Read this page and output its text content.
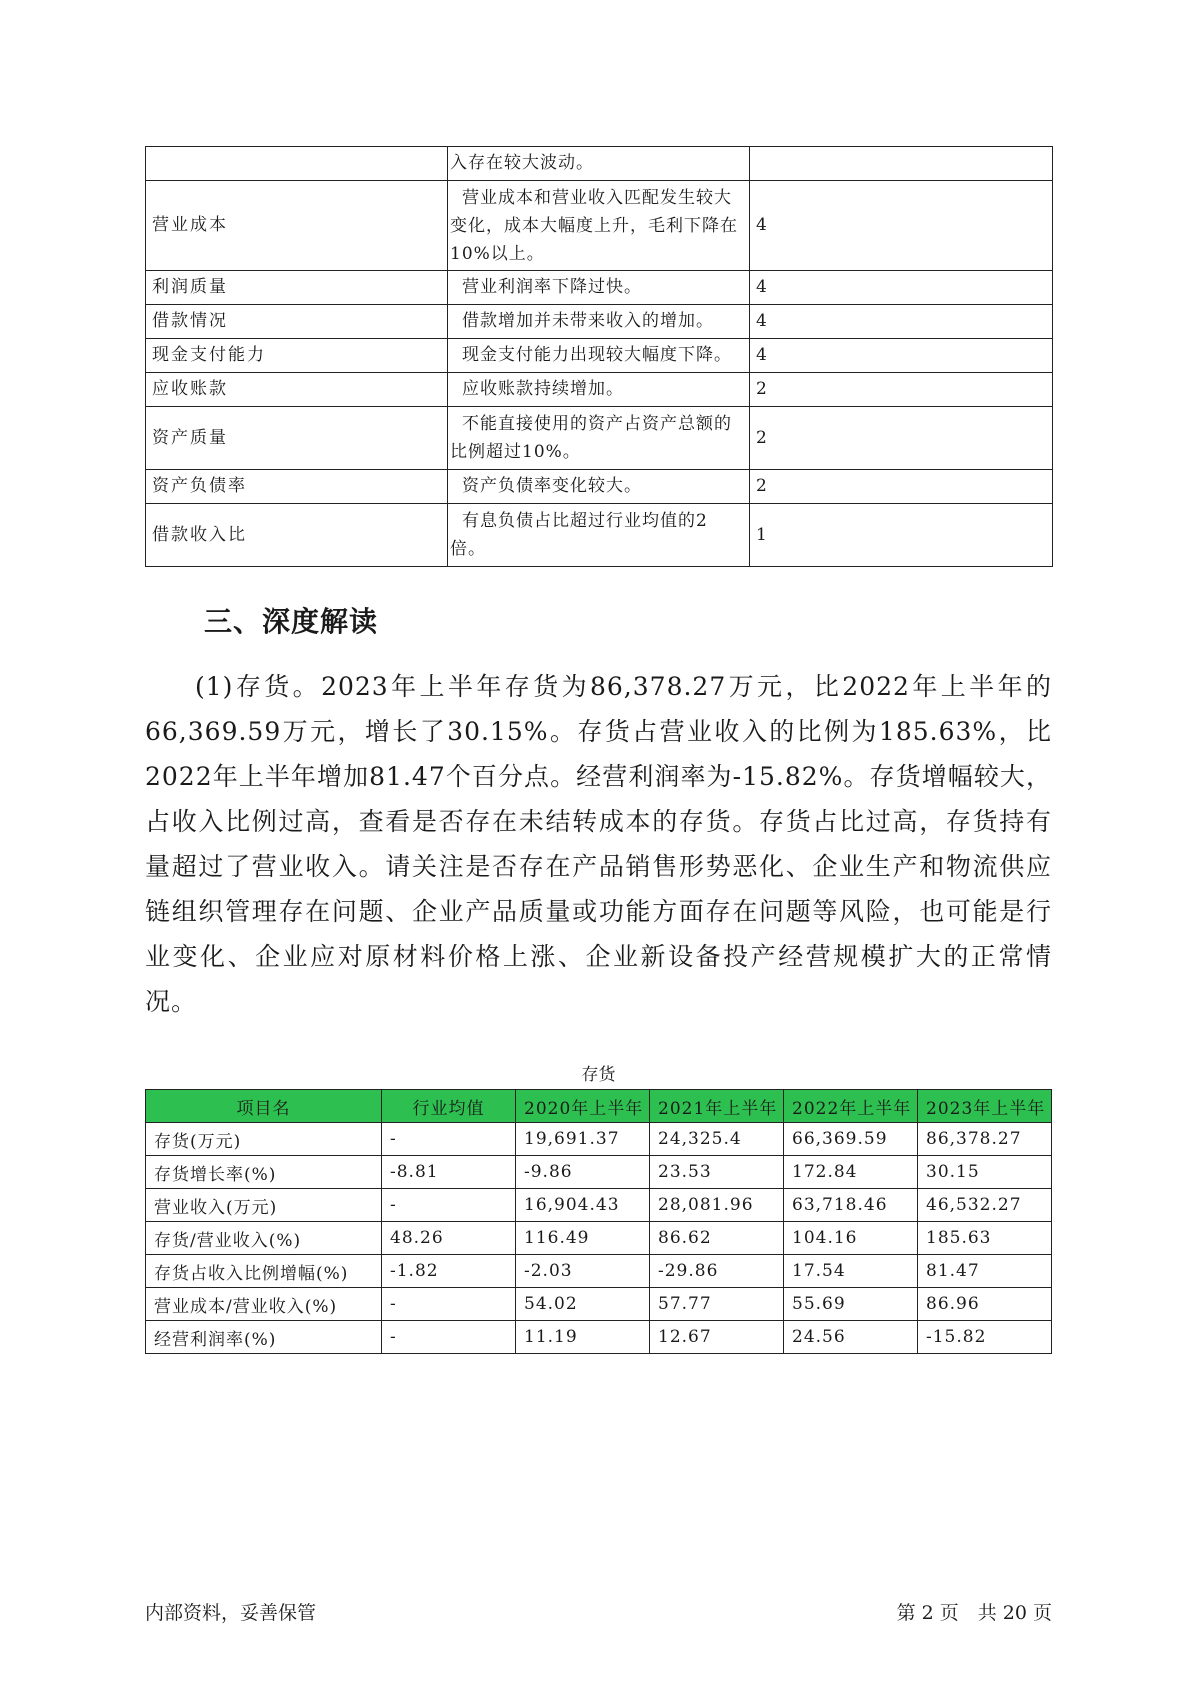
	入存在较大波动。	
营业成本	营业成本和营业收入匹配发生较大变化，成本大幅度上升，毛利下降在10%以上。	4
利润质量	营业利润率下降过快。	4
借款情况	借款增加并未带来收入的增加。	4
现金支付能力	现金支付能力出现较大幅度下降。	4
应收账款	应收账款持续增加。	2
资产质量	不能直接使用的资产占资产总额的比例超过10%。	2
资产负债率	资产负债率变化较大。	2
借款收入比	有息负债占比超过行业均值的2倍。	1
三、深度解读

(1)存货。2023年上半年存货为86,378.27万元，比2022年上半年的66,369.59万元，增长了30.15%。存货占营业收入的比例为185.63%，比2022年上半年增加81.47个百分点。经营利润率为-15.82%。存货增幅较大，占收入比例过高，查看是否存在未结转成本的存货。存货占比过高，存货持有量超过了营业收入。请关注是否存在产品销售形势恶化、企业生产和物流供应链组织管理存在问题、企业产品质量或功能方面存在问题等风险，也可能是行业变化、企业应对原材料价格上涨、企业新设备投产经营规模扩大的正常情况。

存货
项目名	行业均值	2020年上半年	2021年上半年	2022年上半年	2023年上半年
存货(万元)	-	19,691.37	24,325.4	66,369.59	86,378.27
存货增长率(%)	-8.81	-9.86	23.53	172.84	30.15
营业收入(万元)	-	16,904.43	28,081.96	63,718.46	46,532.27
存货/营业收入(%)	48.26	116.49	86.62	104.16	185.63
存货占收入比例增幅(%)	-1.82	-2.03	-29.86	17.54	81.47
营业成本/营业收入(%)	-	54.02	57.77	55.69	86.96
经营利润率(%)	-	11.19	12.67	24.56	-15.82
内部资料，妥善保管	第 2 页　共 20 页
